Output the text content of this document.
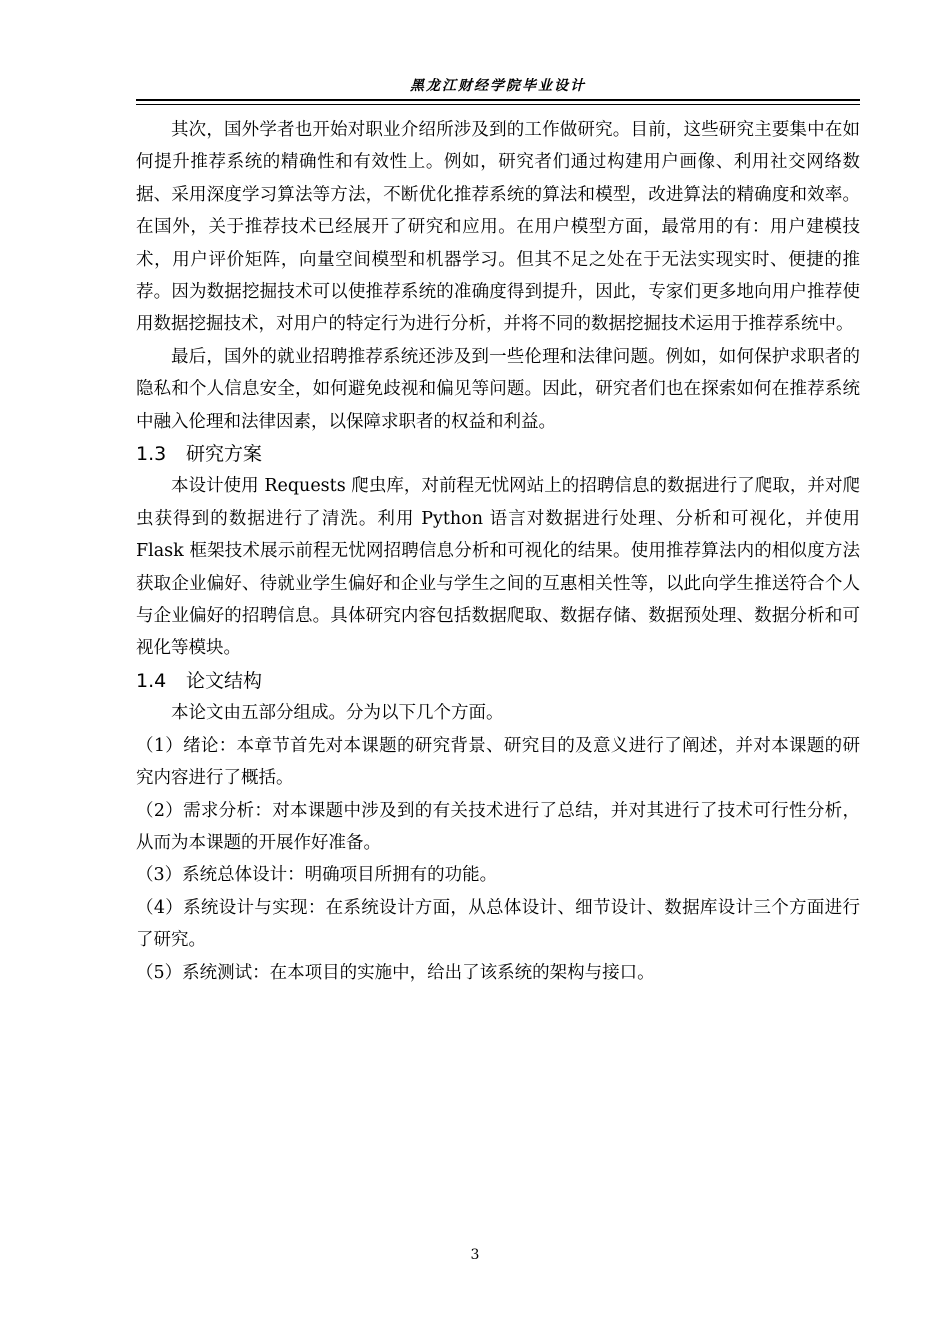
黑龙江财经学院毕业设计

其次，国外学者也开始对职业介绍所涉及到的工作做研究。目前，这些研究主要集中在如何提升推荐系统的精确性和有效性上。例如，研究者们通过构建用户画像、利用社交网络数据、采用深度学习算法等方法，不断优化推荐系统的算法和模型，改进算法的精确度和效率。在国外，关于推荐技术已经展开了研究和应用。在用户模型方面，最常用的有：用户建模技术，用户评价矩阵，向量空间模型和机器学习。但其不足之处在于无法实现实时、便捷的推荐。因为数据挖掘技术可以使推荐系统的准确度得到提升，因此，专家们更多地向用户推荐使用数据挖掘技术，对用户的特定行为进行分析，并将不同的数据挖掘技术运用于推荐系统中。

最后，国外的就业招聘推荐系统还涉及到一些伦理和法律问题。例如，如何保护求职者的隐私和个人信息安全，如何避免歧视和偏见等问题。因此，研究者们也在探索如何在推荐系统中融入伦理和法律因素，以保障求职者的权益和利益。

1.3 研究方案

本设计使用 Requests 爬虫库，对前程无忧网站上的招聘信息的数据进行了爬取，并对爬虫获得到的数据进行了清洗。利用 Python 语言对数据进行处理、分析和可视化，并使用 Flask 框架技术展示前程无忧网招聘信息分析和可视化的结果。使用推荐算法内的相似度方法获取企业偏好、待就业学生偏好和企业与学生之间的互惠相关性等，以此向学生推送符合个人与企业偏好的招聘信息。具体研究内容包括数据爬取、数据存储、数据预处理、数据分析和可视化等模块。

1.4 论文结构

本论文由五部分组成。分为以下几个方面。

（1）绪论：本章节首先对本课题的研究背景、研究目的及意义进行了阐述，并对本课题的研究内容进行了概括。

（2）需求分析：对本课题中涉及到的有关技术进行了总结，并对其进行了技术可行性分析，从而为本课题的开展作好准备。

（3）系统总体设计：明确项目所拥有的功能。

（4）系统设计与实现：在系统设计方面，从总体设计、细节设计、数据库设计三个方面进行了研究。

（5）系统测试：在本项目的实施中，给出了该系统的架构与接口。

3
